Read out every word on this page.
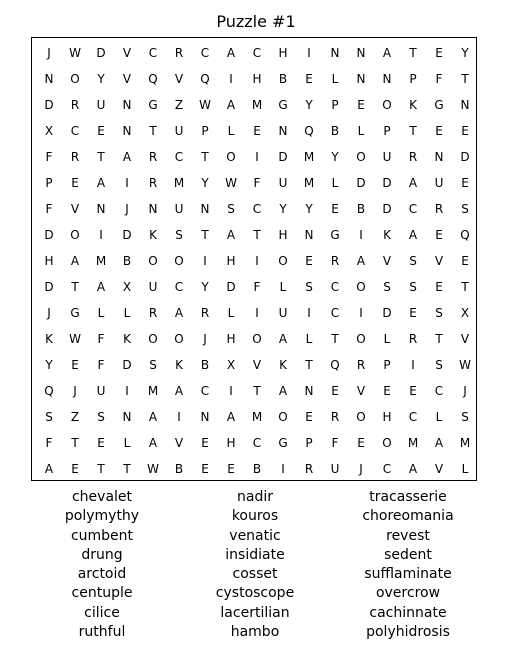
Puzzle #1
J	W	D	V	C	R	C	A	C	H	I	N	N	A	T	E	Y
N	O	Y	V	Q	V	Q	I	H	B	E	L	N	N	P	F	T
D	R	U	N	G	Z	W	A	M	G	Y	P	E	O	K	G	N
X	C	E	N	T	U	P	L	E	N	Q	B	L	P	T	E	E
F	R	T	A	R	C	T	O	I	D	M	Y	O	U	R	N	D
P	E	A	I	R	M	Y	W	F	U	M	L	D	D	A	U	E
F	V	N	J	N	U	N	S	C	Y	Y	E	B	D	C	R	S
D	O	I	D	K	S	T	A	T	H	N	G	I	K	A	E	Q
H	A	M	B	O	O	I	H	I	O	E	R	A	V	S	V	E
D	T	A	X	U	C	Y	D	F	L	S	C	O	S	S	E	T
J	G	L	L	R	A	R	L	I	U	I	C	I	D	E	S	X
K	W	F	K	O	O	J	H	O	A	L	T	O	L	R	T	V
Y	E	F	D	S	K	B	X	V	K	T	Q	R	P	I	S	W
Q	J	U	I	M	A	C	I	T	A	N	E	V	E	E	C	J
S	Z	S	N	A	I	N	A	M	O	E	R	O	H	C	L	S
F	T	E	L	A	V	E	H	C	G	P	F	E	O	M	A	M
A	E	T	T	W	B	E	E	B	I	R	U	J	C	A	V	L
chevalet
polymythy
cumbent
drung
arctoid
centuple
cilice
ruthful
nadir
kouros
venatic
insidiate
cosset
cystoscope
lacertilian
hambo
tracasserie
choreomania
revest
sedent
sufflaminate
overcrow
cachinnate
polyhidrosis
